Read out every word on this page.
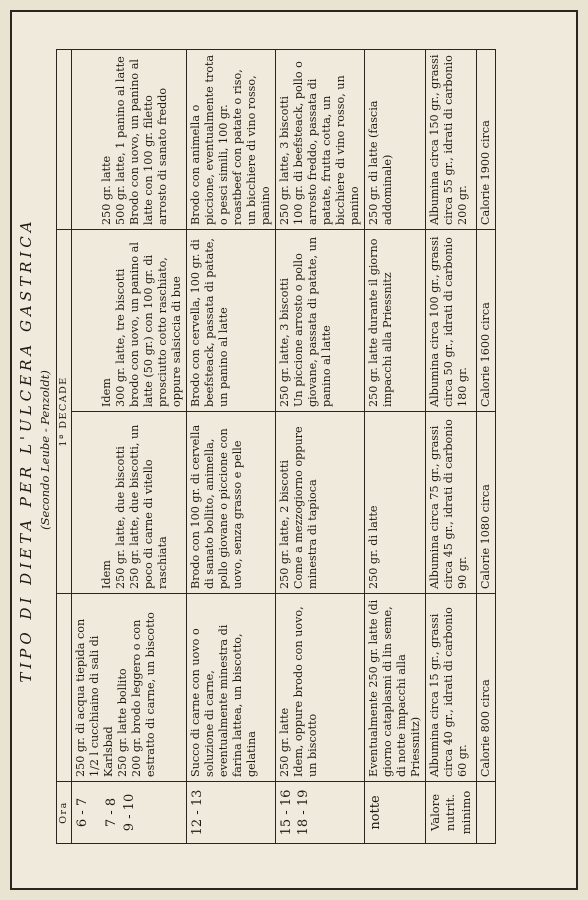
TIPO DI DIETA PER L'ULCERA GASTRICA (Secondo Leube - Penzoldt)
Ora		1ª DECADE		

6 - 7 7 - 8 9 - 10	250 gr. di acqua tiepida con 1/2 l cucchiaino di sali di Karlsbad 250 gr. latte bollito 200 gr. brodo leggero o con estratto di carne, un biscotto	Idem 250 gr. latte, due biscotti 250 gr. latte, due biscotti, un poco di carne di vitello raschiata	Idem 300 gr. latte, tre biscotti brodo con uovo, un panino al latte (50 gr.) con 100 gr. di prosciutto cotto raschiato, oppure salsiccia di bue	250 gr. latte 500 gr. latte, 1 panino al latte Brodo con uovo, un panino al latte con 100 gr. filetto arrosto di sanato freddo

12 - 13	Succo di carne con uovo o soluzione di carne, eventualmente minestra di farina lattea, un biscotto, gelatina	Brodo con 100 gr. di cervella di sanato bollito, animella, pollo giovane o piccione con uovo, senza grasso e pelle	Brodo con cervella, 100 gr. di beefsteack, passata di patate, un panino al latte	Brodo con animella o piccione, eventualmente trota o pesci simili, 100 gr. roastbeef con patate o riso, un bicchiere di vino rosso, panino

15 - 16 18 - 19	250 gr. latte Idem, oppure brodo con uovo, un biscotto	250 gr. latte, 2 biscotti Come a mezzogiorno oppure minestra di tapioca	250 gr. latte, 3 biscotti Un piccione arrosto o pollo giovane, passata di patate, un panino al latte	250 gr. latte, 3 biscotti 100 gr. di beefsteack, pollo o arrosto freddo, passata di patate, frutta cotta, un bicchiere di vino rosso, un panino

notte	Eventualmente 250 gr. latte (di giorno cataplasmi di lin seme, di notte impacchi alla Priessnitz)	250 gr. di latte	250 gr. latte durante il giorno impacchi alla Priessnitz	250 gr. di latte (fascia addominale)

Valore nutrit. minimo	Albumina circa 15 gr., grassi circa 40 gr., idrati di carbonio 60 gr.	Albumina circa 75 gr., grassi circa 45 gr., idrati di carbonio 90 gr.	Albumina circa 100 gr., grassi circa 50 gr., idrati di carbonio 180 gr.	Albumina circa 150 gr., grassi circa 55 gr., idrati di carbonio 200 gr.
	Calorie 800 circa	Calorie 1080 circa	Calorie 1600 circa	Calorie 1900 circa
